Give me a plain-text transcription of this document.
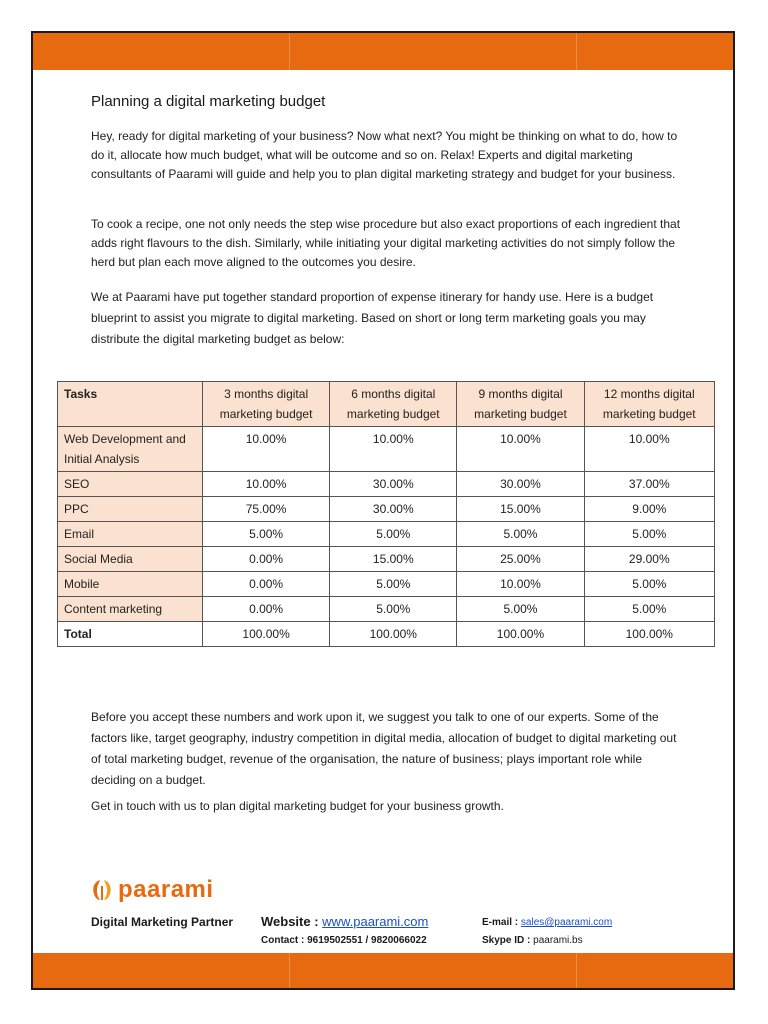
Planning a digital marketing budget
Hey, ready for digital marketing of your business? Now what next? You might be thinking on what to do, how to do it, allocate how much budget, what will be outcome and so on. Relax! Experts and digital marketing consultants of Paarami will guide and help you to plan digital marketing strategy and budget for your business.
To cook a recipe, one not only needs the step wise procedure but also exact proportions of each ingredient that adds right flavours to the dish. Similarly, while initiating your digital marketing activities do not simply follow the herd but plan each move aligned to the outcomes you desire.
We at Paarami have put together standard proportion of expense itinerary for handy use. Here is a budget blueprint to assist you migrate to digital marketing. Based on short or long term marketing goals you may distribute the digital marketing budget as below:
Tasks	3 months digital marketing budget	6 months digital marketing budget	9 months digital marketing budget	12 months digital marketing budget
Web Development and Initial Analysis	10.00%	10.00%	10.00%	10.00%
SEO	10.00%	30.00%	30.00%	37.00%
PPC	75.00%	30.00%	15.00%	9.00%
Email	5.00%	5.00%	5.00%	5.00%
Social Media	0.00%	15.00%	25.00%	29.00%
Mobile	0.00%	5.00%	10.00%	5.00%
Content marketing	0.00%	5.00%	5.00%	5.00%
Total	100.00%	100.00%	100.00%	100.00%
Before you accept these numbers and work upon it, we suggest you talk to one of our experts. Some of the factors like, target geography, industry competition in digital media, allocation of budget to digital marketing out of total marketing budget, revenue of the organisation, the nature of business; plays important role while deciding on a budget.
Get in touch with us to plan digital marketing budget for your business growth.
paarami
Digital Marketing Partner Website : www.paarami.com
Contact : 9619502551 / 9820066022
E-mail : sales@paarami.com
Skype ID : paarami.bs
